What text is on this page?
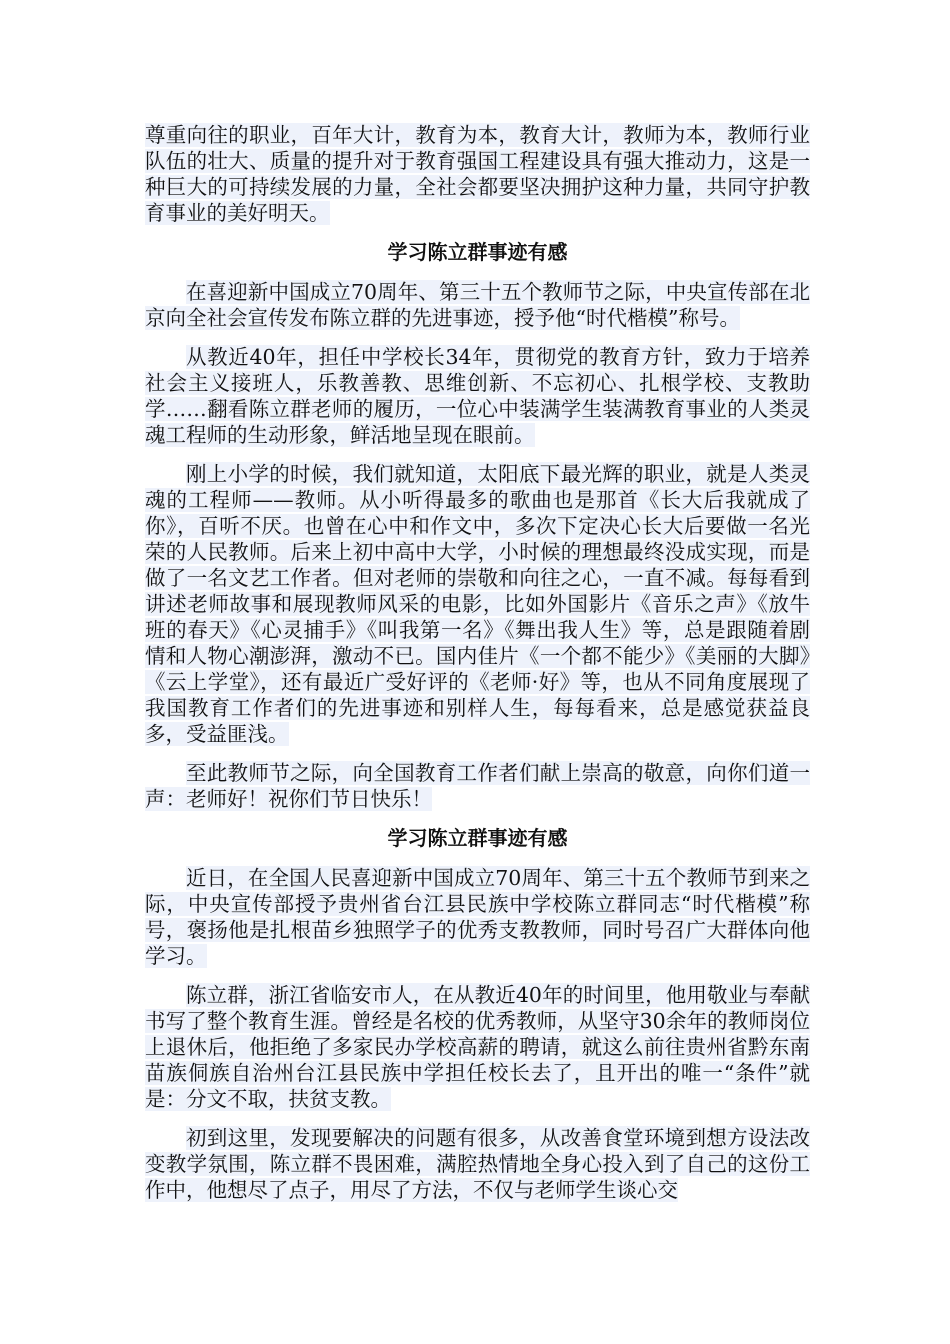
尊重向往的职业，百年大计，教育为本，教育大计，教师为本，教师行业队伍的壮大、质量的提升对于教育强国工程建设具有强大推动力，这是一种巨大的可持续发展的力量，全社会都要坚决拥护这种力量，共同守护教育事业的美好明天。

学习陈立群事迹有感

在喜迎新中国成立70周年、第三十五个教师节之际，中央宣传部在北京向全社会宣传发布陈立群的先进事迹，授予他“时代楷模”称号。

从教近40年，担任中学校长34年，贯彻党的教育方针，致力于培养社会主义接班人，乐教善教、思维创新、不忘初心、扎根学校、支教助学……翻看陈立群老师的履历，一位心中装满学生装满教育事业的人类灵魂工程师的生动形象，鲜活地呈现在眼前。

刚上小学的时候，我们就知道，太阳底下最光辉的职业，就是人类灵魂的工程师——教师。从小听得最多的歌曲也是那首《长大后我就成了你》，百听不厌。也曾在心中和作文中，多次下定决心长大后要做一名光荣的人民教师。后来上初中高中大学，小时候的理想最终没成实现，而是做了一名文艺工作者。但对老师的崇敬和向往之心，一直不减。每每看到讲述老师故事和展现教师风采的电影，比如外国影片《音乐之声》《放牛班的春天》《心灵捕手》《叫我第一名》《舞出我人生》等，总是跟随着剧情和人物心潮澎湃，激动不已。国内佳片《一个都不能少》《美丽的大脚》《云上学堂》，还有最近广受好评的《老师·好》等，也从不同角度展现了我国教育工作者们的先进事迹和别样人生，每每看来，总是感觉获益良多，受益匪浅。

至此教师节之际，向全国教育工作者们献上崇高的敬意，向你们道一声：老师好！祝你们节日快乐！

学习陈立群事迹有感

近日，在全国人民喜迎新中国成立70周年、第三十五个教师节到来之际，中央宣传部授予贵州省台江县民族中学校陈立群同志“时代楷模”称号，褒扬他是扎根苗乡独照学子的优秀支教教师，同时号召广大群体向他学习。

陈立群，浙江省临安市人，在从教近40年的时间里，他用敬业与奉献书写了整个教育生涯。曾经是名校的优秀教师，从坚守30余年的教师岗位上退休后，他拒绝了多家民办学校高薪的聘请，就这么前往贵州省黔东南苗族侗族自治州台江县民族中学担任校长去了，且开出的唯一“条件”就是：分文不取，扶贫支教。

初到这里，发现要解决的问题有很多，从改善食堂环境到想方设法改变教学氛围，陈立群不畏困难，满腔热情地全身心投入到了自己的这份工作中，他想尽了点子，用尽了方法，不仅与老师学生谈心交
